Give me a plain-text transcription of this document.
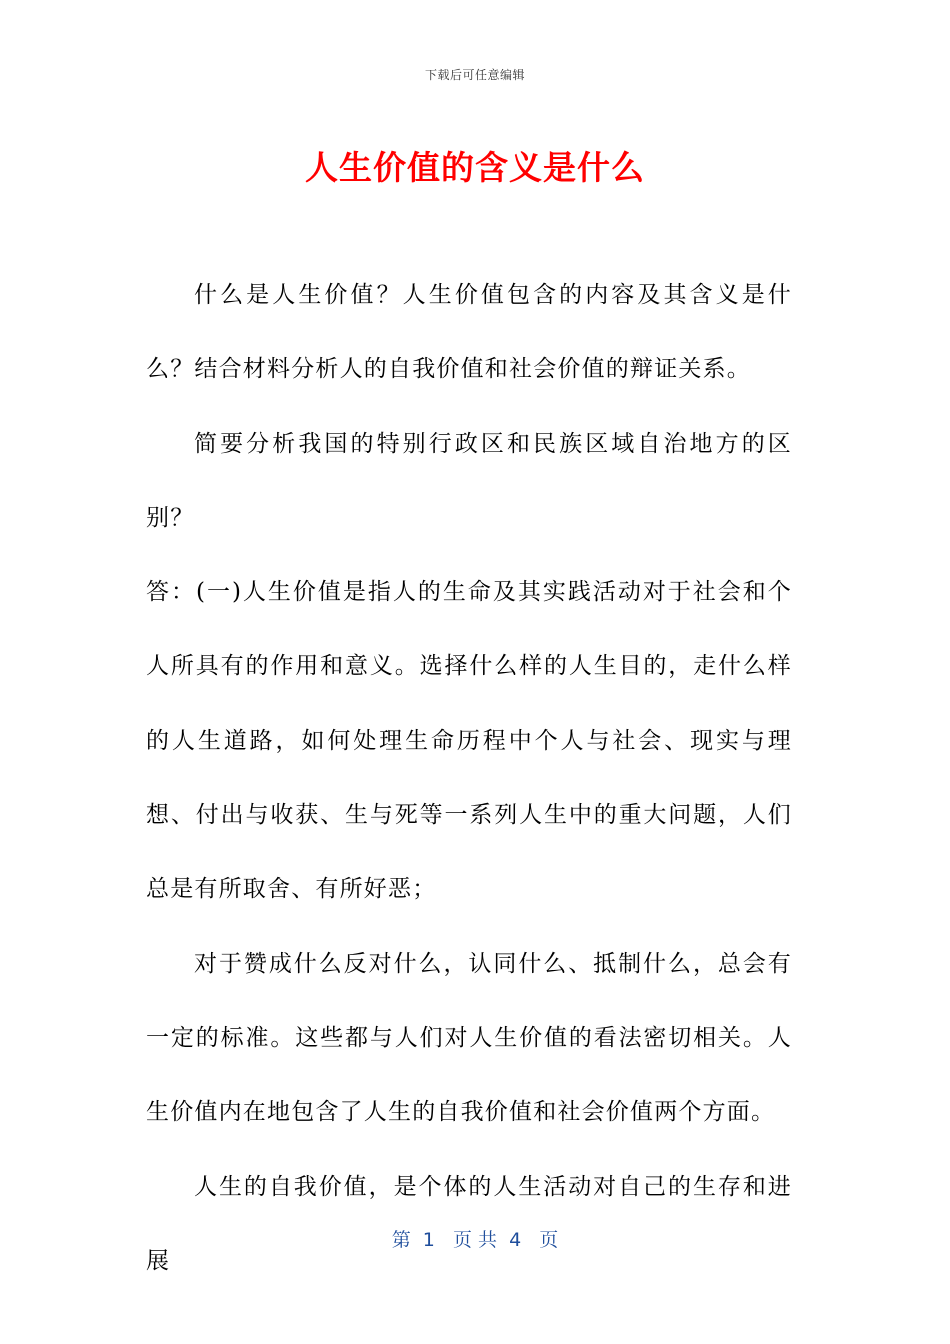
下载后可任意编辑
人生价值的含义是什么

什么是人生价值？人生价值包含的内容及其含义是什么？结合材料分析人的自我价值和社会价值的辩证关系。

简要分析我国的特别行政区和民族区域自治地方的区别？

答：(一)人生价值是指人的生命及其实践活动对于社会和个人所具有的作用和意义。选择什么样的人生目的，走什么样的人生道路，如何处理生命历程中个人与社会、现实与理想、付出与收获、生与死等一系列人生中的重大问题，人们总是有所取舍、有所好恶；

对于赞成什么反对什么，认同什么、抵制什么，总会有一定的标准。这些都与人们对人生价值的看法密切相关。人生价值内在地包含了人生的自我价值和社会价值两个方面。

人生的自我价值，是个体的人生活动对自己的生存和进展

第  1   页 共  4   页
